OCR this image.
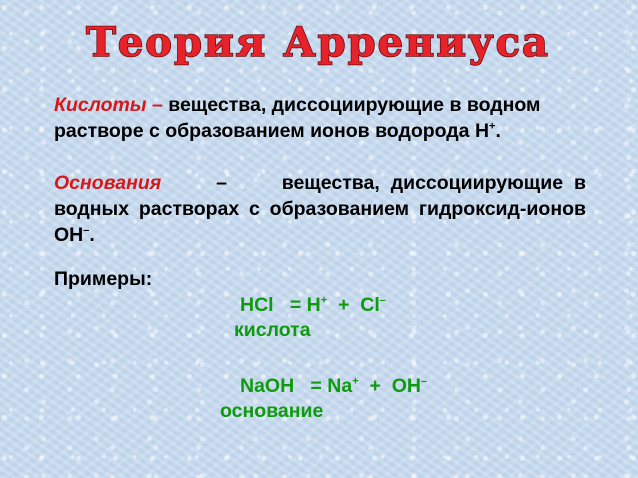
Теория Аррениуса

Кислоты – вещества, диссоциирующие в водном растворе с образованием ионов водорода Н+.

Основания	–	вещества, диссоциирующие в водных растворах с образованием гидроксид-ионов ОН–.

Примеры:
HCl   = H+  +  Cl–
кислота
NaOH   = Na+  +  OH–
основание
